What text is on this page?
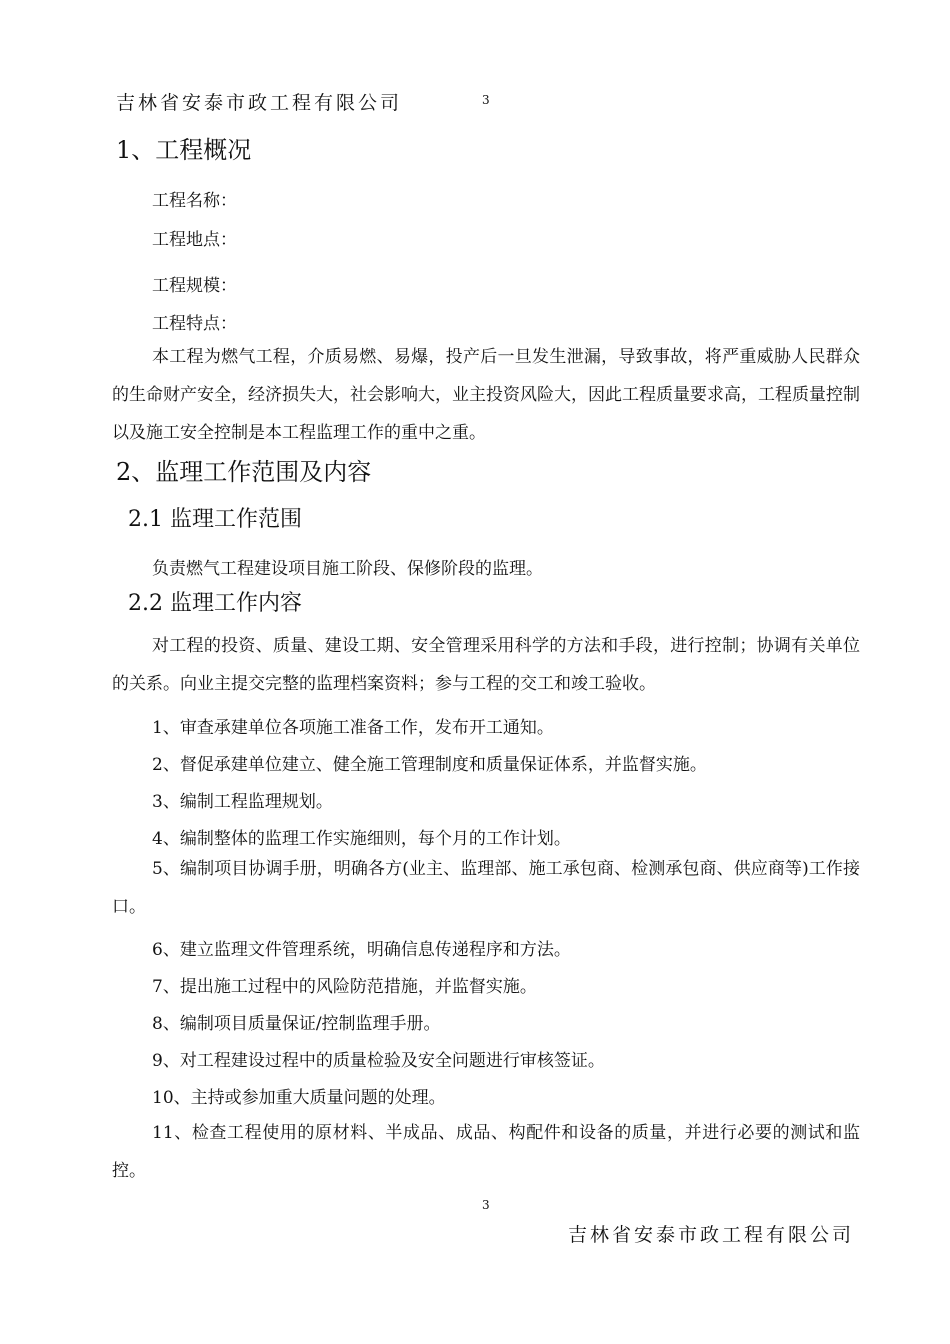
吉林省安泰市政工程有限公司	3
1、工程概况
工程名称：
工程地点：
工程规模：
工程特点：
本工程为燃气工程，介质易燃、易爆，投产后一旦发生泄漏，导致事故，将严重威胁人民群众的生命财产安全，经济损失大，社会影响大，业主投资风险大，因此工程质量要求高，工程质量控制以及施工安全控制是本工程监理工作的重中之重。
2、监理工作范围及内容
2.1 监理工作范围
负责燃气工程建设项目施工阶段、保修阶段的监理。
2.2 监理工作内容
对工程的投资、质量、建设工期、安全管理采用科学的方法和手段，进行控制；协调有关单位的关系。向业主提交完整的监理档案资料；参与工程的交工和竣工验收。
1、审查承建单位各项施工准备工作，发布开工通知。
2、督促承建单位建立、健全施工管理制度和质量保证体系，并监督实施。
3、编制工程监理规划。
4、编制整体的监理工作实施细则，每个月的工作计划。
5、编制项目协调手册，明确各方(业主、监理部、施工承包商、检测承包商、供应商等)工作接口。
6、建立监理文件管理系统，明确信息传递程序和方法。
7、提出施工过程中的风险防范措施，并监督实施。
8、编制项目质量保证/控制监理手册。
9、对工程建设过程中的质量检验及安全问题进行审核签证。
10、主持或参加重大质量问题的处理。
11、检查工程使用的原材料、半成品、成品、构配件和设备的质量，并进行必要的测试和监控。
3
吉林省安泰市政工程有限公司
